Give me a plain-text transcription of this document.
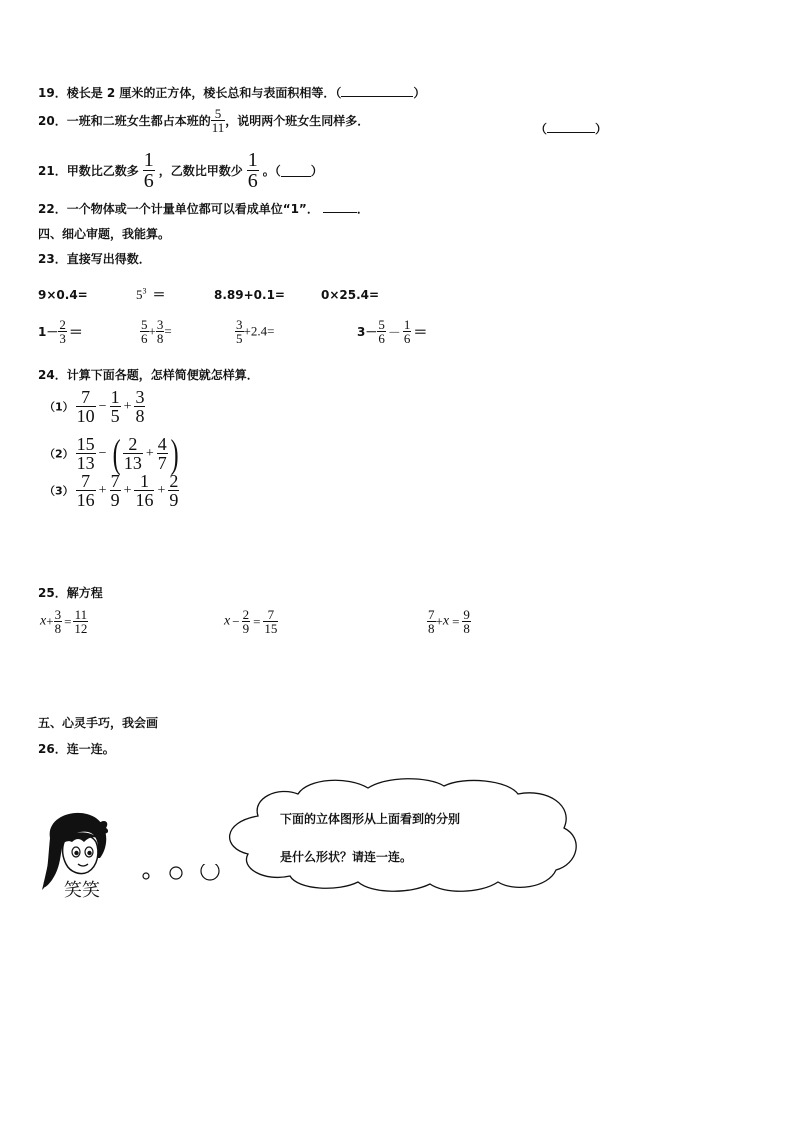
19．棱长是 2 厘米的正方体，棱长总和与表面积相等．（	）
20．一班和二班女生都占本班的 $\frac{5}{11}$ ，说明两个班女生同样多．
（	）
21．甲数比乙数多 $\frac{1}{6}$ ，乙数比甲数少 $\frac{1}{6}$ 。（	）
22．一个物体或一个计量单位都可以看成单位“1”．	．
四、细心审题，我能算。
23．直接写出得数．
9×0.4=	$5^3$ ＝	8.89+0.1=	0×25.4=
$1- \frac{2}{3}$ ＝	$\frac{5}{6} + \frac{3}{8}$ =	$\frac{3}{5} +2.4=$	$3- \frac{5}{6} - \frac{1}{6}$ ＝
24．计算下面各题，怎样简便就怎样算．
$(1) \frac{7}{10} - \frac{1}{5} + \frac{3}{8}$
$(2) \frac{15}{13}$ − ( $\frac{2}{13} + \frac{4}{7}$ )
$(3) \frac{7}{16} + \frac{7}{9} + \frac{1}{16} + \frac{2}{9}$
25．解方程
$x+ \frac{3}{8} = \frac{11}{12}$	$x - \frac{2}{9} = \frac{7}{15}$	$\frac{7}{8} +x = \frac{9}{8}$
五、心灵手巧，我会画
26．连一连。
笑笑
下面的立体图形从上面看到的分别
是什么形状？请连一连。
